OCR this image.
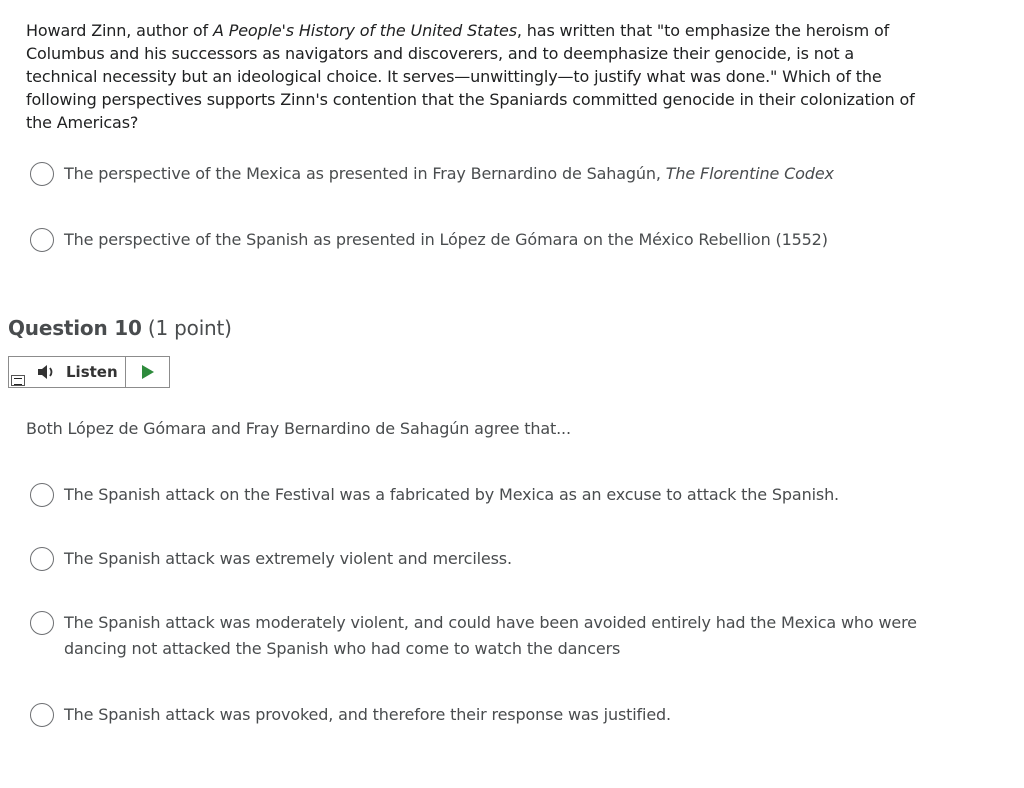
Howard Zinn, author of A People's History of the United States, has written that "to emphasize the heroism of Columbus and his successors as navigators and discoverers, and to deemphasize their genocide, is not a technical necessity but an ideological choice. It serves—unwittingly—to justify what was done." Which of the following perspectives supports Zinn's contention that the Spaniards committed genocide in their colonization of the Americas?
The perspective of the Mexica as presented in Fray Bernardino de Sahagún, The Florentine Codex
The perspective of the Spanish as presented in López de Gómara on the México Rebellion (1552)
Question 10 (1 point)
Listen
Both López de Gómara and Fray Bernardino de Sahagún agree that...
The Spanish attack on the Festival was a fabricated by Mexica as an excuse to attack the Spanish.
The Spanish attack was extremely violent and merciless.
The Spanish attack was moderately violent, and could have been avoided entirely had the Mexica who were dancing not attacked the Spanish who had come to watch the dancers
The Spanish attack was provoked, and therefore their response was justified.
